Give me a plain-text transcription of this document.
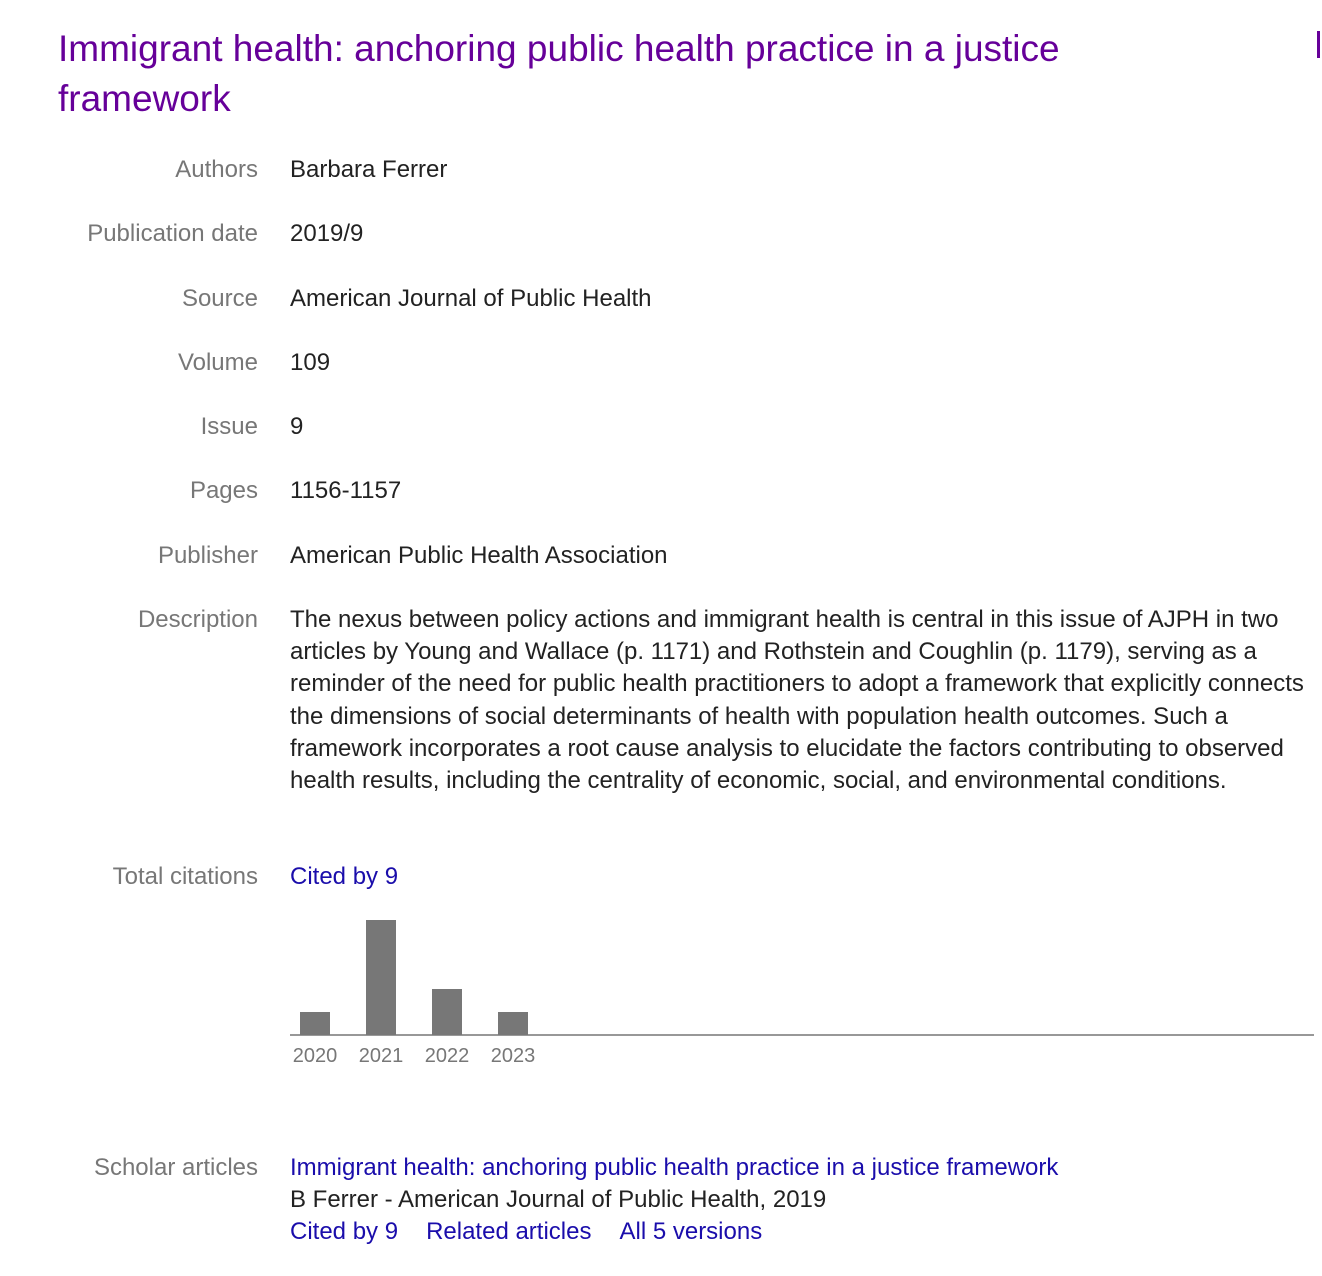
Immigrant health: anchoring public health practice in a justice framework
Authors Barbara Ferrer
Publication date 2019/9
Source American Journal of Public Health
Volume 109
Issue 9
Pages 1156-1157
Publisher American Public Health Association
Description The nexus between policy actions and immigrant health is central in this issue of AJPH in two articles by Young and Wallace (p. 1171) and Rothstein and Coughlin (p. 1179), serving as a reminder of the need for public health practitioners to adopt a framework that explicitly connects the dimensions of social determinants of health with population health outcomes. Such a framework incorporates a root cause analysis to elucidate the factors contributing to observed health results, including the centrality of economic, social, and environmental conditions.
Total citations Cited by 9
2020 2021 2022 2023
Scholar articles Immigrant health: anchoring public health practice in a justice framework
B Ferrer - American Journal of Public Health, 2019
Cited by 9 Related articles All 5 versions
